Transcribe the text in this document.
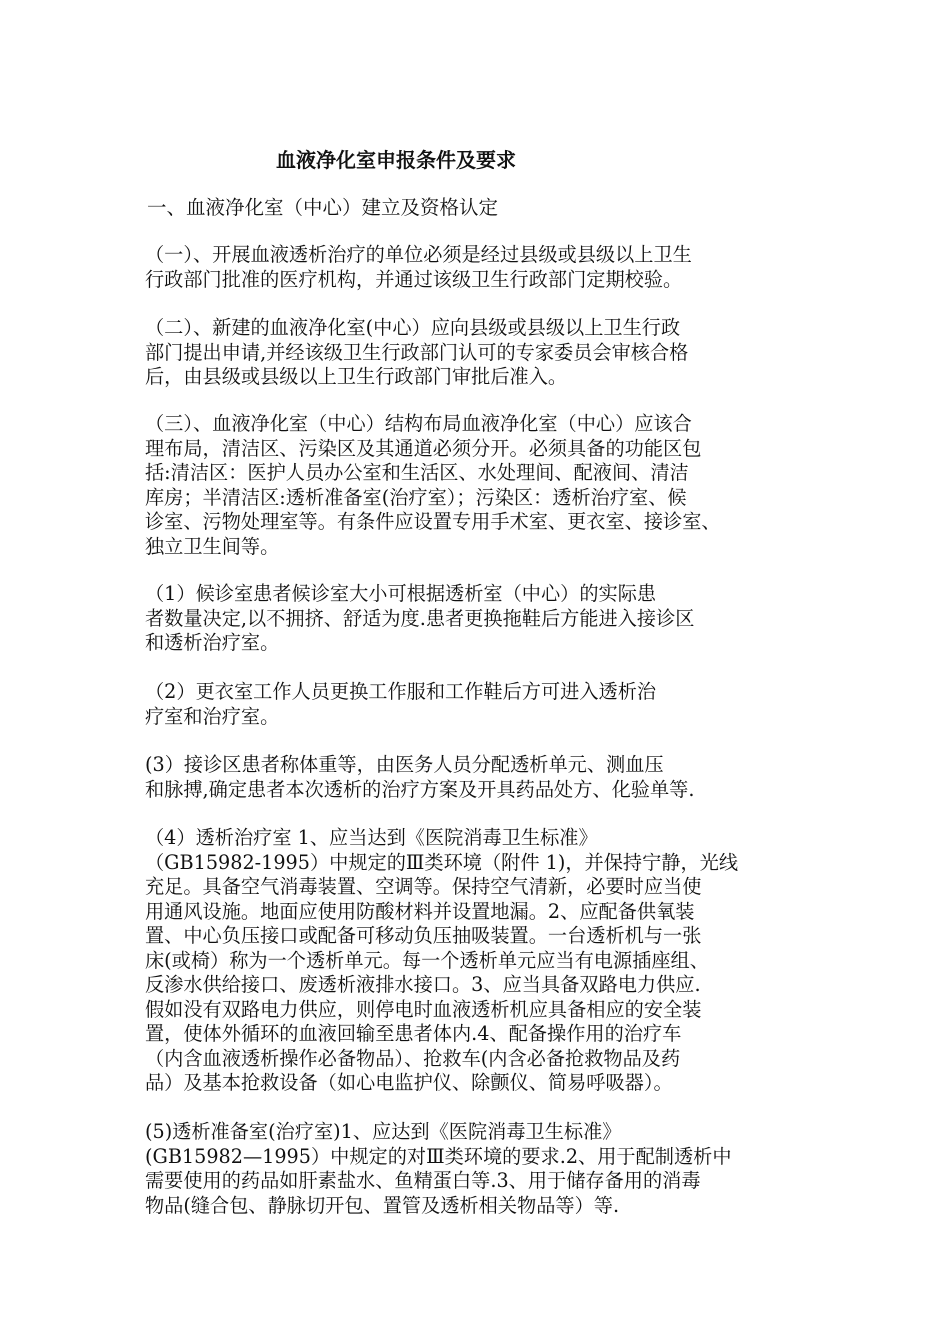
血液净化室申报条件及要求
一、血液净化室（中心）建立及资格认定
（一）、开展血液透析治疗的单位必须是经过县级或县级以上卫生
行政部门批准的医疗机构，并通过该级卫生行政部门定期校验。
（二）、新建的血液净化室(中心）应向县级或县级以上卫生行政
部门提出申请,并经该级卫生行政部门认可的专家委员会审核合格
后，由县级或县级以上卫生行政部门审批后准入。
（三）、血液净化室（中心）结构布局血液净化室（中心）应该合
理布局，清洁区、污染区及其通道必须分开。必须具备的功能区包
括:清洁区：医护人员办公室和生活区、水处理间、配液间、清洁
库房；半清洁区:透析准备室(治疗室）；污染区：透析治疗室、候
诊室、污物处理室等。有条件应设置专用手术室、更衣室、接诊室、
独立卫生间等。
（1）候诊室患者候诊室大小可根据透析室（中心）的实际患
者数量决定,以不拥挤、舒适为度.患者更换拖鞋后方能进入接诊区
和透析治疗室。
（2）更衣室工作人员更换工作服和工作鞋后方可进入透析治
疗室和治疗室。
(3）接诊区患者称体重等，由医务人员分配透析单元、测血压
和脉搏,确定患者本次透析的治疗方案及开具药品处方、化验单等.
（4）透析治疗室 1、应当达到《医院消毒卫生标准》
（GB15982-1995）中规定的Ⅲ类环境（附件 1)，并保持宁静，光线
充足。具备空气消毒装置、空调等。保持空气清新，必要时应当使
用通风设施。地面应使用防酸材料并设置地漏。2、应配备供氧装
置、中心负压接口或配备可移动负压抽吸装置。一台透析机与一张
床(或椅）称为一个透析单元。每一个透析单元应当有电源插座组、
反渗水供给接口、废透析液排水接口。3、应当具备双路电力供应.
假如没有双路电力供应，则停电时血液透析机应具备相应的安全装
置，使体外循环的血液回输至患者体内.4、配备操作用的治疗车
（内含血液透析操作必备物品）、抢救车(内含必备抢救物品及药
品）及基本抢救设备（如心电监护仪、除颤仪、简易呼吸器）。
(5)透析准备室(治疗室)1、应达到《医院消毒卫生标准》
(GB15982—1995）中规定的对Ⅲ类环境的要求.2、用于配制透析中
需要使用的药品如肝素盐水、鱼精蛋白等.3、用于储存备用的消毒
物品(缝合包、静脉切开包、置管及透析相关物品等）等.
